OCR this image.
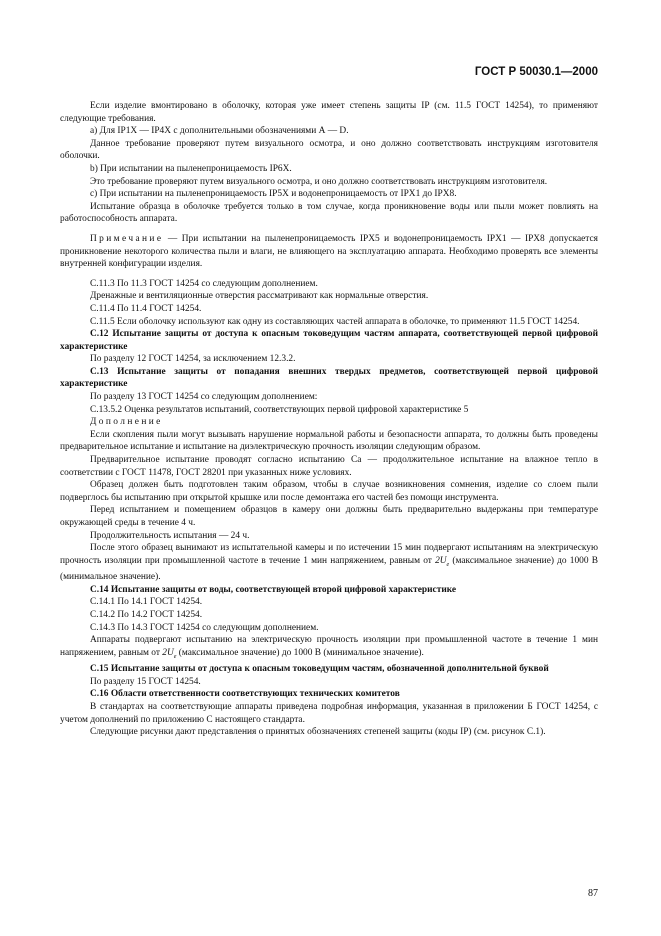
ГОСТ Р 50030.1—2000

Если изделие вмонтировано в оболочку, которая уже имеет степень защиты IP (см. 11.5 ГОСТ 14254), то применяют следующие требования.

а) Для IP1X — IP4X с дополнительными обозначениями А — D.

Данное требование проверяют путем визуального осмотра, и оно должно соответствовать инструкциям изготовителя оболочки.

b) При испытании на пыленепроницаемость IP6X.

Это требование проверяют путем визуального осмотра, и оно должно соответствовать инструкциям изготовителя.

с) При испытании на пыленепроницаемость IP5X и водонепроницаемость от IPX1 до IPX8.

Испытание образца в оболочке требуется только в том случае, когда проникновение воды или пыли может повлиять на работоспособность аппарата.

Примечание — При испытании на пыленепроницаемость IPX5 и водонепроницаемость IPX1 — IPX8 допускается проникновение некоторого количества пыли и влаги, не влияющего на эксплуатацию аппарата. Необходимо проверять все элементы внутренней конфигурации изделия.

С.11.3 По 11.3 ГОСТ 14254 со следующим дополнением.

Дренажные и вентиляционные отверстия рассматривают как нормальные отверстия.

С.11.4 По 11.4 ГОСТ 14254.

С.11.5 Если оболочку используют как одну из составляющих частей аппарата в оболочке, то применяют 11.5 ГОСТ 14254.

С.12 Испытание защиты от доступа к опасным токоведущим частям аппарата, соответствующей первой цифровой характеристике

По разделу 12 ГОСТ 14254, за исключением 12.3.2.

С.13 Испытание защиты от попадания внешних твердых предметов, соответствующей первой цифровой характеристике

По разделу 13 ГОСТ 14254 со следующим дополнением:

С.13.5.2 Оценка результатов испытаний, соответствующих первой цифровой характеристике 5

Дополнение

Если скопления пыли могут вызывать нарушение нормальной работы и безопасности аппарата, то должны быть проведены предварительное испытание и испытание на диэлектрическую прочность изоляции следующим образом.

Предварительное испытание проводят согласно испытанию Са — продолжительное испытание на влажное тепло в соответствии с ГОСТ 11478, ГОСТ 28201 при указанных ниже условиях.

Образец должен быть подготовлен таким образом, чтобы в случае возникновения сомнения, изделие со слоем пыли подверглось бы испытанию при открытой крышке или после демонтажа его частей без помощи инструмента.

Перед испытанием и помещением образцов в камеру они должны быть предварительно выдержаны при температуре окружающей среды в течение 4 ч.

Продолжительность испытания — 24 ч.

После этого образец вынимают из испытательной камеры и по истечении 15 мин подвергают испытаниям на электрическую прочность изоляции при промышленной частоте в течение 1 мин напряжением, равным от $2U_e$ (максимальное значение) до 1000 В (минимальное значение).

С.14 Испытание защиты от воды, соответствующей второй цифровой характеристике

С.14.1 По 14.1 ГОСТ 14254.

С.14.2 По 14.2 ГОСТ 14254.

С.14.3 По 14.3 ГОСТ 14254 со следующим дополнением.

Аппараты подвергают испытанию на электрическую прочность изоляции при промышленной частоте в течение 1 мин напряжением, равным от $2U_e$ (максимальное значение) до 1000 В (минимальное значение).

С.15 Испытание защиты от доступа к опасным токоведущим частям, обозначенной дополнительной буквой

По разделу 15 ГОСТ 14254.

С.16 Области ответственности соответствующих технических комитетов

В стандартах на соответствующие аппараты приведена подробная информация, указанная в приложении Б ГОСТ 14254, с учетом дополнений по приложению С настоящего стандарта.

Следующие рисунки дают представления о принятых обозначениях степеней защиты (коды IP) (см. рисунок С.1).

87
